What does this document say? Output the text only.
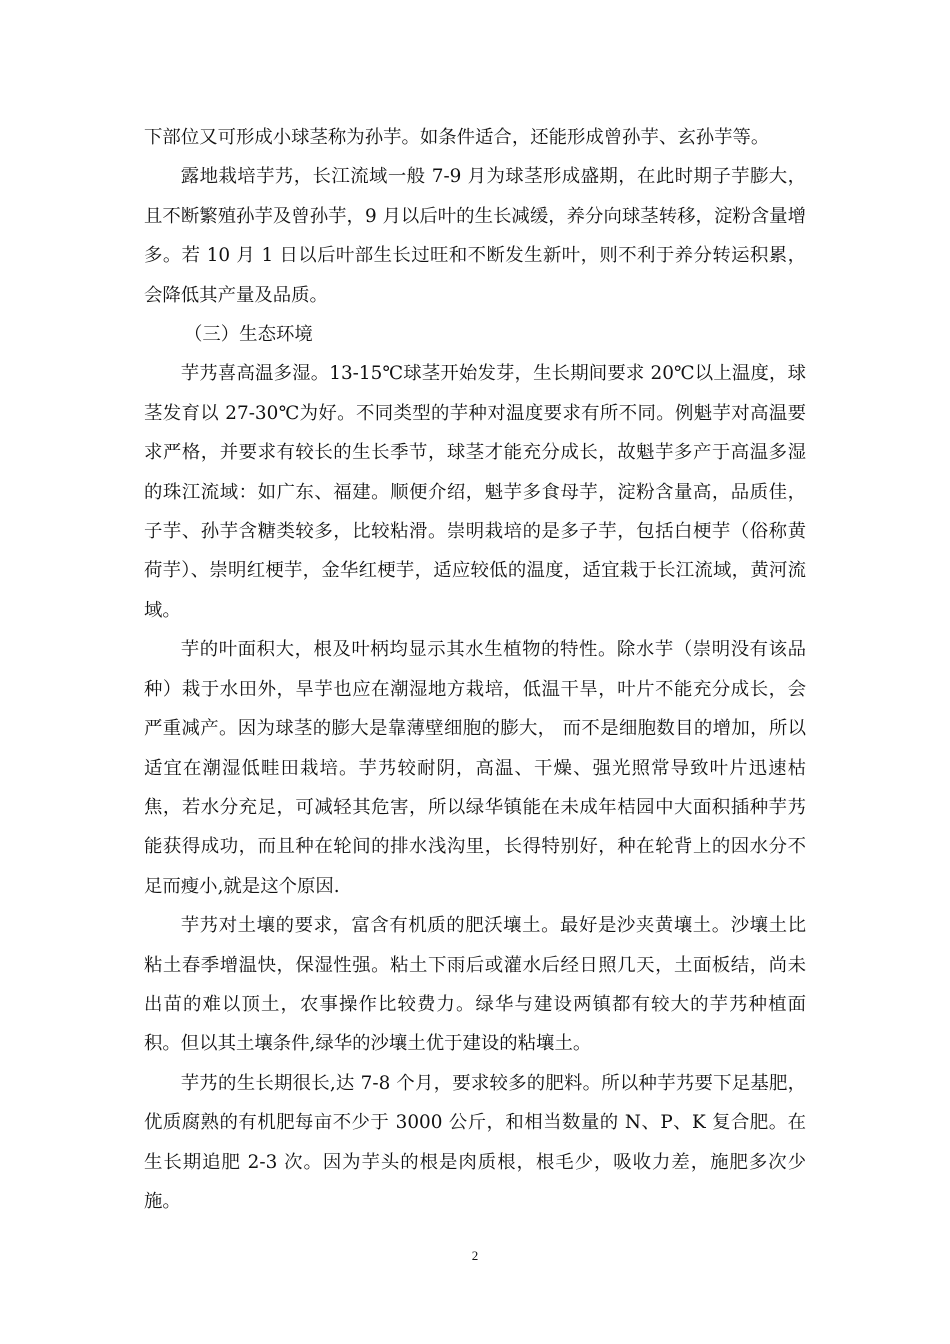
下部位又可形成小球茎称为孙芋。如条件适合，还能形成曾孙芋、玄孙芋等。

露地栽培芋艿，长江流域一般 7-9 月为球茎形成盛期，在此时期子芋膨大，且不断繁殖孙芋及曾孙芋，9 月以后叶的生长减缓，养分向球茎转移，淀粉含量增多。若 10 月 1 日以后叶部生长过旺和不断发生新叶，则不利于养分转运积累，会降低其产量及品质。

（三）生态环境

芋艿喜高温多湿。13-15℃球茎开始发芽，生长期间要求 20℃以上温度，球茎发育以 27-30℃为好。不同类型的芋种对温度要求有所不同。例魁芋对高温要求严格，并要求有较长的生长季节，球茎才能充分成长，故魁芋多产于高温多湿的珠江流域：如广东、福建。顺便介绍，魁芋多食母芋，淀粉含量高，品质佳，子芋、孙芋含糖类较多，比较粘滑。崇明栽培的是多子芋，包括白梗芋（俗称黄荷芋）、崇明红梗芋，金华红梗芋，适应较低的温度，适宜栽于长江流域，黄河流域。

芋的叶面积大，根及叶柄均显示其水生植物的特性。除水芋（崇明没有该品种）栽于水田外，旱芋也应在潮湿地方栽培，低温干旱，叶片不能充分成长，会严重减产。因为球茎的膨大是靠薄壁细胞的膨大， 而不是细胞数目的增加，所以适宜在潮湿低畦田栽培。芋艿较耐阴，高温、干燥、强光照常导致叶片迅速枯焦，若水分充足，可减轻其危害，所以绿华镇能在未成年桔园中大面积插种芋艿能获得成功，而且种在轮间的排水浅沟里，长得特别好，种在轮背上的因水分不足而瘦小,就是这个原因.

芋艿对土壤的要求，富含有机质的肥沃壤土。最好是沙夹黄壤土。沙壤土比粘土春季增温快，保湿性强。粘土下雨后或灌水后经日照几天，土面板结，尚未出苗的难以顶土，农事操作比较费力。绿华与建设两镇都有较大的芋艿种植面积。但以其土壤条件,绿华的沙壤土优于建设的粘壤土。

芋艿的生长期很长,达 7-8 个月，要求较多的肥料。所以种芋艿要下足基肥，优质腐熟的有机肥每亩不少于 3000 公斤，和相当数量的 N、P、K 复合肥。在生长期追肥 2-3 次。因为芋头的根是肉质根，根毛少，吸收力差，施肥多次少施。

2
